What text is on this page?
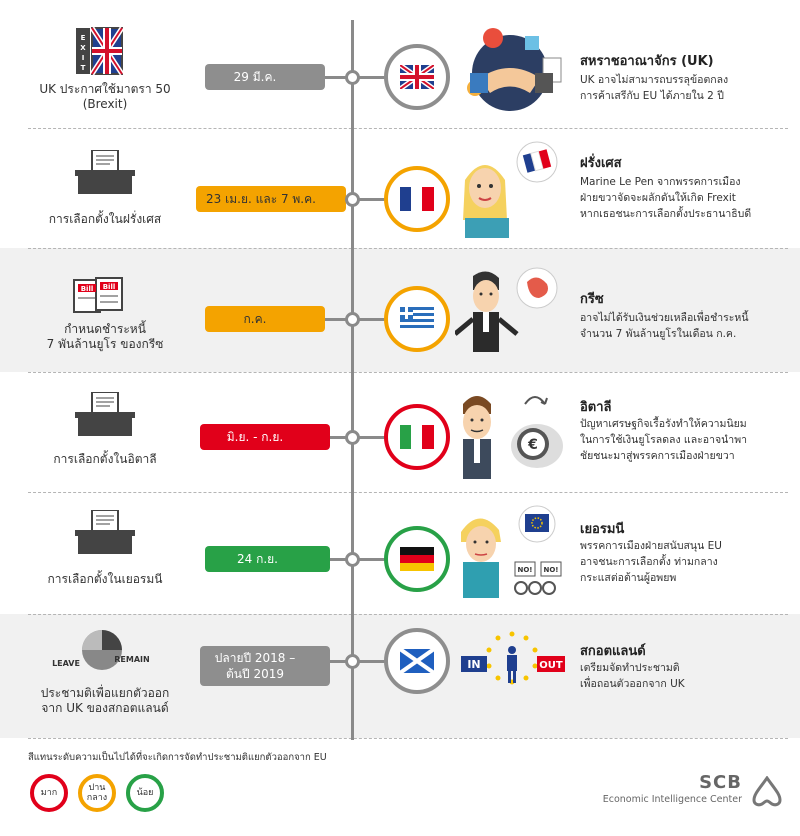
E
X
I
T
UK ประกาศใช้มาตรา 50
(Brexit)
29 มี.ค.
สหราชอาณาจักร (UK)
UK อาจไม่สามารถบรรลุข้อตกลง
การค้าเสรีกับ EU ได้ภายใน 2 ปี
การเลือกตั้งในฝรั่งเศส
23 เม.ย. และ 7 พ.ค.
ฝรั่งเศส
Marine Le Pen จากพรรคการเมือง
ฝ่ายขวาจัดจะผลักดันให้เกิด Frexit
หากเธอชนะการเลือกตั้งประธานาธิบดี
Bill Bill
กำหนดชำระหนี้
7 พันล้านยูโร ของกรีซ
ก.ค.
กรีซ
อาจไม่ได้รับเงินช่วยเหลือเพื่อชำระหนี้
จำนวน 7 พันล้านยูโรในเดือน ก.ค.
การเลือกตั้งในอิตาลี
มิ.ย. - ก.ย.	€
อิตาลี
ปัญหาเศรษฐกิจเรื้อรังทำให้ความนิยม
ในการใช้เงินยูโรลดลง และอาจนำพา
ชัยชนะมาสู่พรรคการเมืองฝ่ายขวา
การเลือกตั้งในเยอรมนี
24 ก.ย.
NO! NO!
เยอรมนี
พรรคการเมืองฝ่ายสนับสนุน EU
อาจชนะการเลือกตั้ง ท่ามกลาง
กระแสต่อต้านผู้อพยพ
LEAVE	REMAIN
ประชามติเพื่อแยกตัวออก
จาก UK ของสกอตแลนด์
ปลายปี 2018 –
ต้นปี 2019
IN	OUT
สกอตแลนด์
เตรียมจัดทำประชามติ
เพื่อถอนตัวออกจาก UK
สีแทนระดับความเป็นไปได้ที่จะเกิดการจัดทำประชามติแยกตัวออกจาก EU
มาก	ปาน
กลาง	น้อย	SCB
Economic Intelligence Center
